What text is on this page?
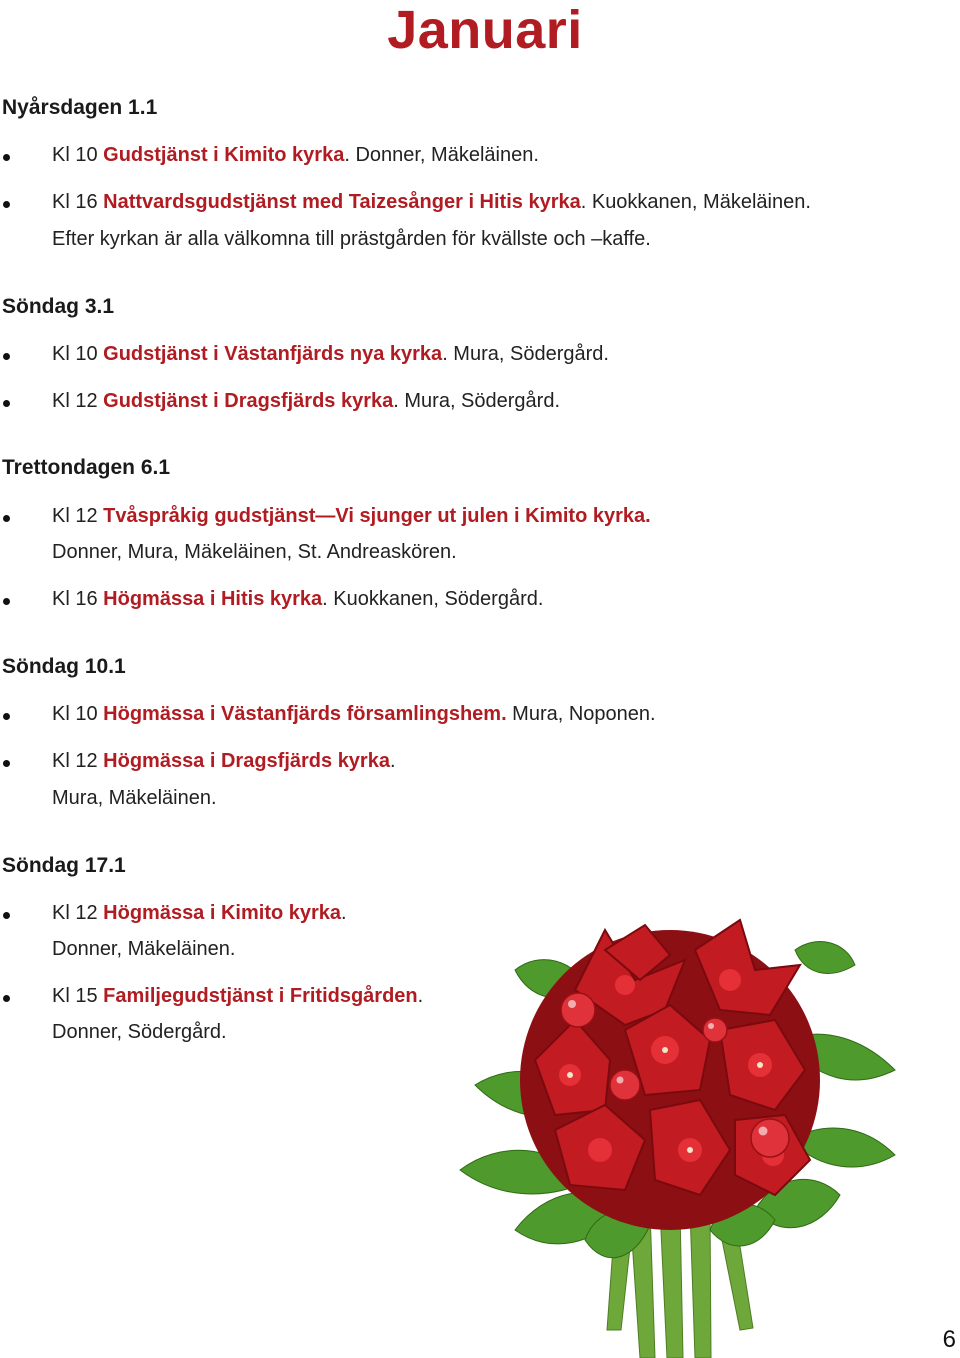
Januari
Nyårsdagen 1.1
Kl 10 Gudstjänst i Kimito kyrka. Donner, Mäkeläinen.
Kl 16 Nattvardsgudstjänst med Taizesånger i Hitis kyrka. Kuokkanen, Mäkeläinen.
Efter kyrkan är alla välkomna till prästgården för kvällste och –kaffe.
Söndag 3.1
Kl 10 Gudstjänst i Västanfjärds nya kyrka. Mura, Södergård.
Kl 12 Gudstjänst i Dragsfjärds kyrka. Mura, Södergård.
Trettondagen 6.1
Kl 12 Tvåspråkig gudstjänst—Vi sjunger ut julen i Kimito kyrka.
Donner, Mura, Mäkeläinen, St. Andreaskören.
Kl 16 Högmässa i Hitis kyrka. Kuokkanen, Södergård.
Söndag 10.1
Kl 10 Högmässa i Västanfjärds församlingshem. Mura, Noponen.
Kl 12 Högmässa i Dragsfjärds kyrka.
Mura, Mäkeläinen.
Söndag 17.1
Kl 12 Högmässa i Kimito kyrka.
Donner, Mäkeläinen.
Kl 15 Familjegudstjänst i Fritidsgården.
Donner, Södergård.
6
